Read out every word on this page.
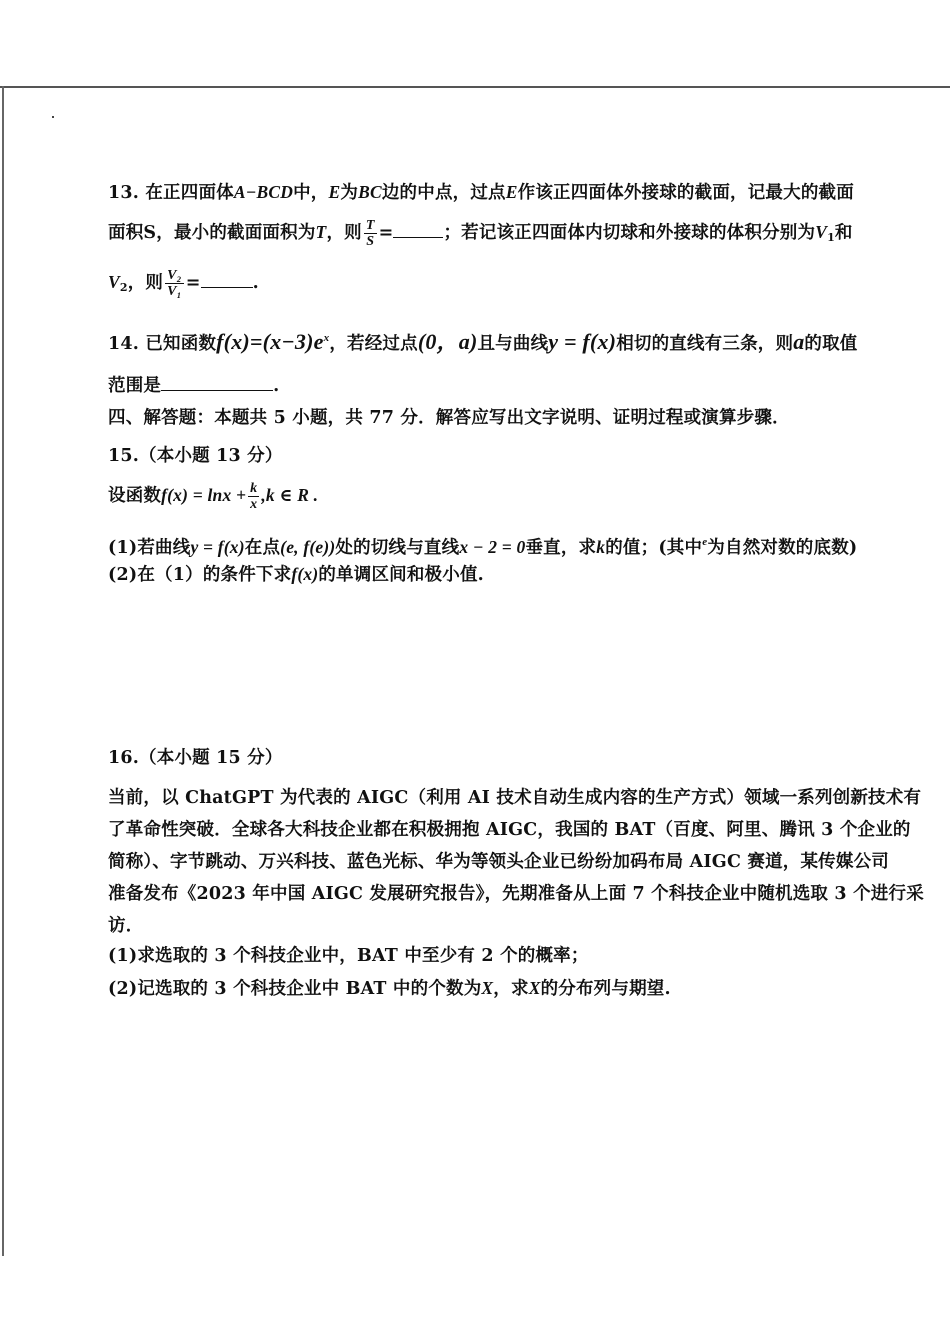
13. 在正四面体A−BCD中，E为BC边的中点，过点E作该正四面体外接球的截面，记最大的截面
面积S，最小的截面面积为T，则 $\frac{T}{S}$ =	；若记该正四面体内切球和外接球的体积分别为$V_1$和
$V_2$，则 $\frac{\text{V₂}}{\text{V₁}}$ =	.
14. 已知函数$f(x)=(x-3)e^x$，若经过点(0，a)且与曲线y = f(x)相切的直线有三条，则a的取值
范围是	.
四、解答题：本题共 5 小题，共 77 分．解答应写出文字说明、证明过程或演算步骤．
15.（本小题 13 分）
设函数$f(x) = \ln x + \frac{k}{x} ,k$ ∈ R .
(1)若曲线y = f(x)在点(e, f(e))处的切线与直线x − 2 = 0垂直，求k的值；(其中$^e$为自然对数的底数)
(2)在（1）的条件下求f(x)的单调区间和极小值.
16.（本小题 15 分）
当前，以 ChatGPT 为代表的 AIGC（利用 AI 技术自动生成内容的生产方式）领域一系列创新技术有
了革命性突破．全球各大科技企业都在积极拥抱 AIGC，我国的 BAT（百度、阿里、腾讯 3 个企业的
简称）、字节跳动、万兴科技、蓝色光标、华为等领头企业已纷纷加码布局 AIGC 赛道，某传媒公司
准备发布《2023 年中国 AIGC 发展研究报告》，先期准备从上面 7 个科技企业中随机选取 3 个进行采
访．
(1)求选取的 3 个科技企业中，BAT 中至少有 2 个的概率；
(2)记选取的 3 个科技企业中 BAT 中的个数为X，求X的分布列与期望.
